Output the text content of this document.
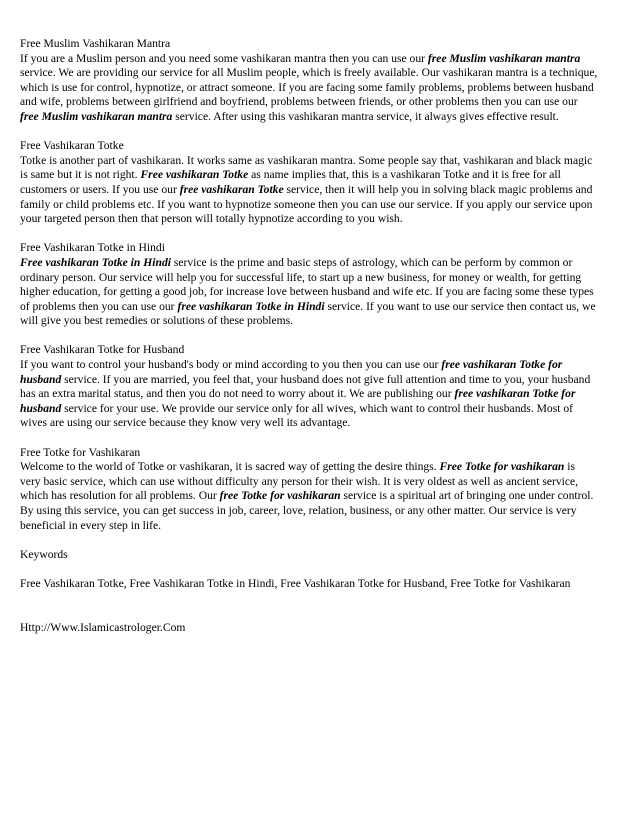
Free Muslim Vashikaran Mantra
If you are a Muslim person and you need some vashikaran mantra then you can use our free Muslim vashikaran mantra service. We are providing our service for all Muslim people, which is freely available. Our vashikaran mantra is a technique, which is use for control, hypnotize, or attract someone. If you are facing some family problems, problems between husband and wife, problems between girlfriend and boyfriend, problems between friends, or other problems then you can use our free Muslim vashikaran mantra service. After using this vashikaran mantra service, it always gives effective result.
Free Vashikaran Totke
Totke is another part of vashikaran. It works same as vashikaran mantra. Some people say that, vashikaran and black magic is same but it is not right. Free vashikaran Totke as name implies that, this is a vashikaran Totke and it is free for all customers or users. If you use our free vashikaran Totke service, then it will help you in solving black magic problems and family or child problems etc. If you want to hypnotize someone then you can use our service. If you apply our service upon your targeted person then that person will totally hypnotize according to you wish.
Free Vashikaran Totke in Hindi
Free vashikaran Totke in Hindi service is the prime and basic steps of astrology, which can be perform by common or ordinary person. Our service will help you for successful life, to start up a new business, for money or wealth, for getting higher education, for getting a good job, for increase love between husband and wife etc. If you are facing some these types of problems then you can use our free vashikaran Totke in Hindi service. If you want to use our service then contact us, we will give you best remedies or solutions of these problems.
Free Vashikaran Totke for Husband
If you want to control your husband's body or mind according to you then you can use our free vashikaran Totke for husband service. If you are married, you feel that, your husband does not give full attention and time to you, your husband has an extra marital status, and then you do not need to worry about it. We are publishing our free vashikaran Totke for husband service for your use. We provide our service only for all wives, which want to control their husbands. Most of wives are using our service because they know very well its advantage.
Free Totke for Vashikaran
Welcome to the world of Totke or vashikaran, it is sacred way of getting the desire things. Free Totke for vashikaran is very basic service, which can use without difficulty any person for their wish. It is very oldest as well as ancient service, which has resolution for all problems. Our free Totke for vashikaran service is a spiritual art of bringing one under control. By using this service, you can get success in job, career, love, relation, business, or any other matter. Our service is very beneficial in every step in life.
Keywords
Free Vashikaran Totke, Free Vashikaran Totke in Hindi, Free Vashikaran Totke for Husband, Free Totke for Vashikaran
Http://Www.Islamicastrologer.Com
